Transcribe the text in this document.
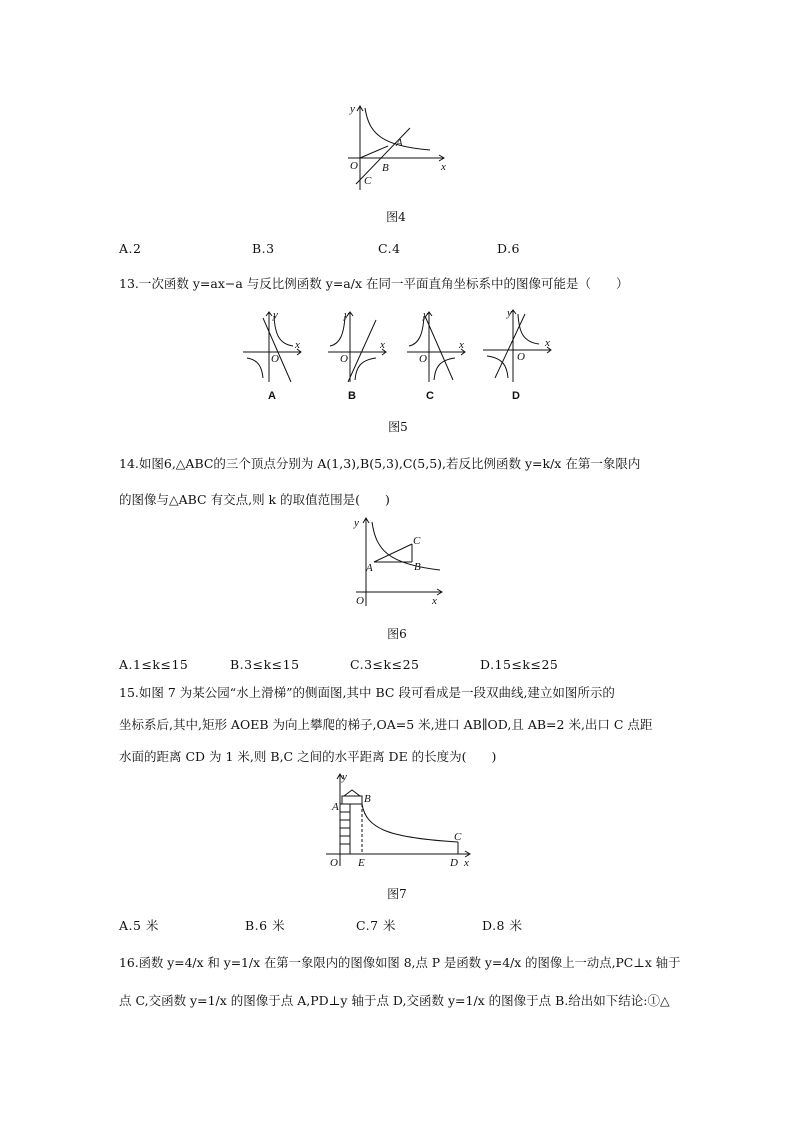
y
x
O
A
B
C
图4
A.2	B.3	C.4	D.6
13.一次函数 y=ax−a 与反比例函数 y=a/x 在同一平面直角坐标系中的图像可能是（　　）
y
x
O
y
x
O
y
x
O
y
x
O
A	B	C	D
图5
14.如图6,△ABC的三个顶点分别为 A(1,3),B(5,3),C(5,5),若反比例函数 y=k/x 在第一象限内
的图像与△ABC 有交点,则 k 的取值范围是(　　)
y
x
O
A	B
C
图6
A.1≤k≤15	B.3≤k≤15	C.3≤k≤25	D.15≤k≤25
15.如图 7 为某公园“水上滑梯”的侧面图,其中 BC 段可看成是一段双曲线,建立如图所示的
坐标系后,其中,矩形 AOEB 为向上攀爬的梯子,OA=5 米,进口 AB∥OD,且 AB=2 米,出口 C 点距
水面的距离 CD 为 1 米,则 B,C 之间的水平距离 DE 的长度为(　　)
y
A
B
C
D x
O E
图7
A.5 米	B.6 米	C.7 米	D.8 米
16.函数 y=4/x 和 y=1/x 在第一象限内的图像如图 8,点 P 是函数 y=4/x 的图像上一动点,PC⊥x 轴于
点 C,交函数 y=1/x 的图像于点 A,PD⊥y 轴于点 D,交函数 y=1/x 的图像于点 B.给出如下结论:①△
